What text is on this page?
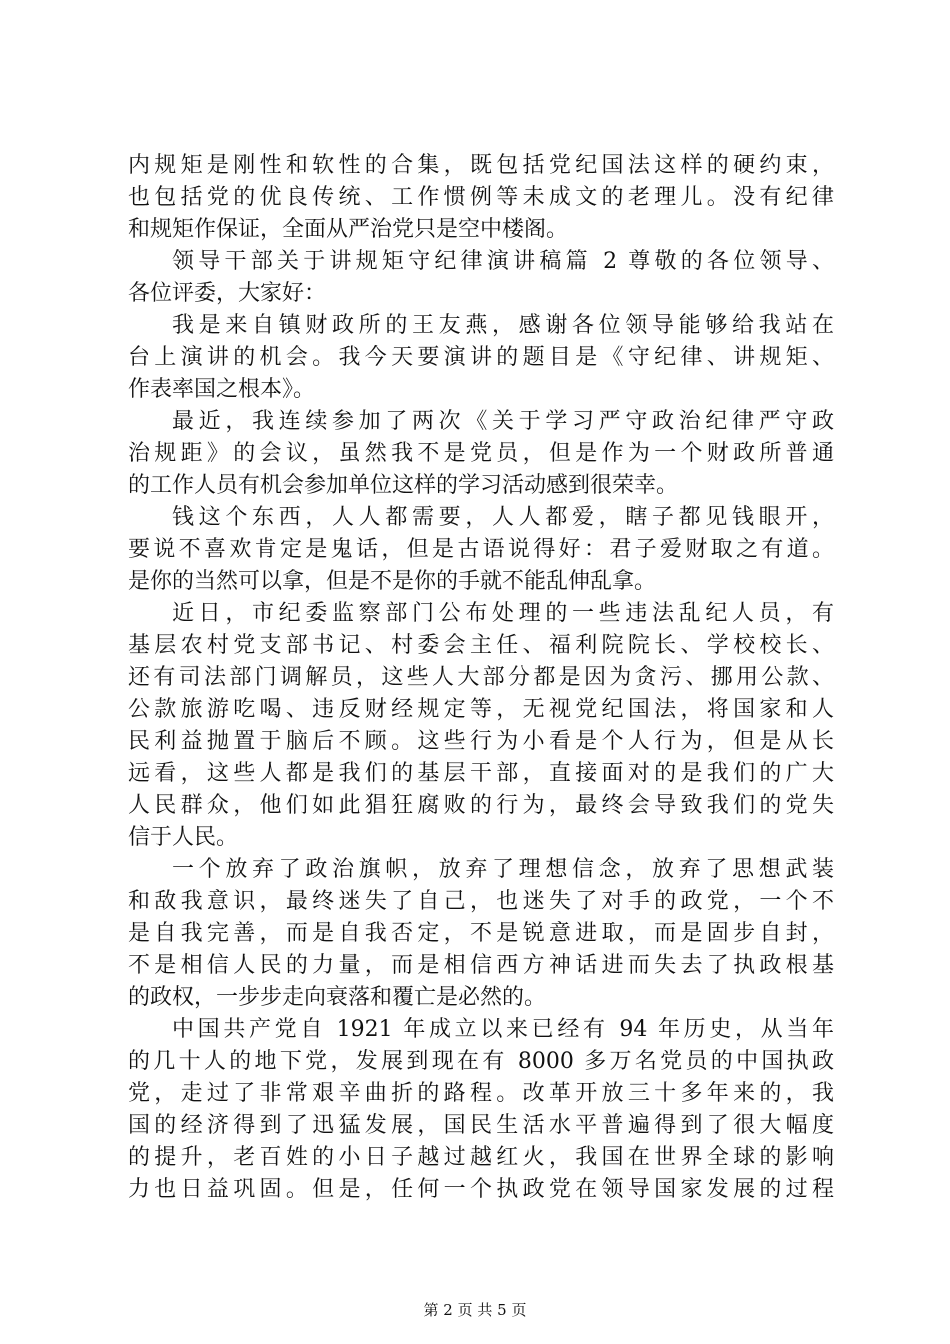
内规矩是刚性和软性的合集，既包括党纪国法这样的硬约束，
也包括党的优良传统、工作惯例等未成文的老理儿。没有纪律
和规矩作保证，全面从严治党只是空中楼阁。
领导干部关于讲规矩守纪律演讲稿篇 2 尊敬的各位领导、
各位评委，大家好：
我是来自镇财政所的王友燕，感谢各位领导能够给我站在
台上演讲的机会。我今天要演讲的题目是《守纪律、讲规矩、
作表率国之根本》。
最近，我连续参加了两次《关于学习严守政治纪律严守政
治规距》的会议，虽然我不是党员，但是作为一个财政所普通
的工作人员有机会参加单位这样的学习活动感到很荣幸。
钱这个东西，人人都需要，人人都爱，瞎子都见钱眼开，
要说不喜欢肯定是鬼话，但是古语说得好：君子爱财取之有道。
是你的当然可以拿，但是不是你的手就不能乱伸乱拿。
近日，市纪委监察部门公布处理的一些违法乱纪人员，有
基层农村党支部书记、村委会主任、福利院院长、学校校长、
还有司法部门调解员，这些人大部分都是因为贪污、挪用公款、
公款旅游吃喝、违反财经规定等，无视党纪国法，将国家和人
民利益抛置于脑后不顾。这些行为小看是个人行为，但是从长
远看，这些人都是我们的基层干部，直接面对的是我们的广大
人民群众，他们如此猖狂腐败的行为，最终会导致我们的党失
信于人民。
一个放弃了政治旗帜，放弃了理想信念，放弃了思想武装
和敌我意识，最终迷失了自己，也迷失了对手的政党，一个不
是自我完善，而是自我否定，不是锐意进取，而是固步自封，
不是相信人民的力量，而是相信西方神话进而失去了执政根基
的政权，一步步走向衰落和覆亡是必然的。
中国共产党自 1921 年成立以来已经有 94 年历史，从当年
的几十人的地下党，发展到现在有 8000 多万名党员的中国执政
党，走过了非常艰辛曲折的路程。改革开放三十多年来的，我
国的经济得到了迅猛发展，国民生活水平普遍得到了很大幅度
的提升，老百姓的小日子越过越红火，我国在世界全球的影响
力也日益巩固。但是，任何一个执政党在领导国家发展的过程
第 2 页 共 5 页
